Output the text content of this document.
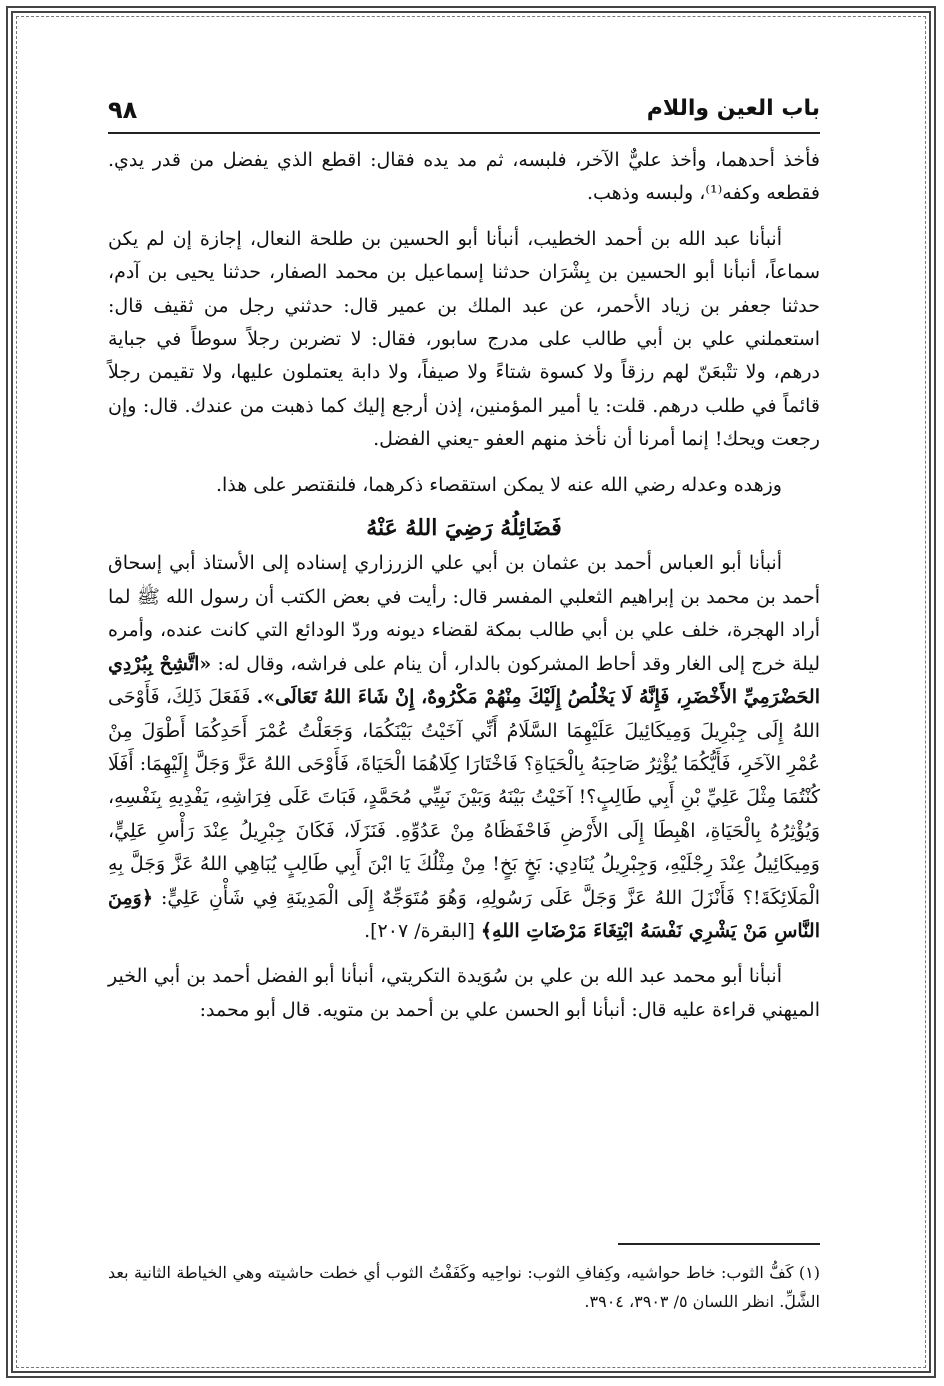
٩٨	باب العين واللام

فأخذ أحدهما، وأخذ عليٌّ الآخر، فلبسه، ثم مد يده فقال: اقطع الذي يفضل من قدر يدي. فقطعه وكفه⁽¹⁾، ولبسه وذهب.

أنبأنا عبد الله بن أحمد الخطيب، أنبأنا أبو الحسين بن طلحة النعال، إجازة إن لم يكن سماعاً، أنبأنا أبو الحسين بن بِشْرَان حدثنا إسماعيل بن محمد الصفار، حدثنا يحيى بن آدم، حدثنا جعفر بن زياد الأحمر، عن عبد الملك بن عمير قال: حدثني رجل من ثقيف قال: استعملني علي بن أبي طالب على مدرج سابور، فقال: لا تضربن رجلاً سوطاً في جباية درهم، ولا تتْبعَنّ لهم رزقاً ولا كسوة شتاءً ولا صيفاً، ولا دابة يعتملون عليها، ولا تقيمن رجلاً قائماً في طلب درهم. قلت: يا أمير المؤمنين، إذن أرجع إليك كما ذهبت من عندك. قال: وإن رجعت ويحك! إنما أمرنا أن نأخذ منهم العفو -يعني الفضل.

وزهده وعدله رضي الله عنه لا يمكن استقصاء ذكرهما، فلنقتصر على هذا.

فَضَائِلُهُ رَضِيَ اللهُ عَنْهُ

أنبأنا أبو العباس أحمد بن عثمان بن أبي علي الزرزاري إسناده إلى الأستاذ أبي إسحاق أحمد بن محمد بن إبراهيم الثعلبي المفسر قال: رأيت في بعض الكتب أن رسول الله ﷺ لما أراد الهجرة، خلف علي بن أبي طالب بمكة لقضاء ديونه وردّ الودائع التي كانت عنده، وأمره ليلة خرج إلى الغار وقد أحاط المشركون بالدار، أن ينام على فراشه، وقال له: «اتَّشِحْ بِبُرْدِي الحَضْرَمِيِّ الأَخْضَرِ، فَإِنَّهُ لَا يَخْلُصُ إِلَيْكَ مِنْهُمْ مَكْرُوهٌ، إِنْ شَاءَ اللهُ تَعَالَى». فَفَعَلَ ذَلِكَ، فَأَوْحَى اللهُ إِلَى جِبْرِيلَ وَمِيكَائِيلَ عَلَيْهِمَا السَّلَامُ أَنِّي آخَيْتُ بَيْنَكُمَا، وَجَعَلْتُ عُمْرَ أَحَدِكُمَا أَطْوَلَ مِنْ عُمْرِ الآخَرِ، فَأَيُّكُمَا يُؤْثِرُ صَاحِبَهُ بِالْحَيَاةِ؟ فَاخْتَارَا كِلَاهُمَا الْحَيَاةَ، فَأَوْحَى اللهُ عَزَّ وَجَلَّ إِلَيْهِمَا: أَفَلَا كُنْتُمَا مِثْلَ عَلِيِّ بْنِ أَبِي طَالِبٍ؟! آخَيْتُ بَيْنَهُ وَبَيْنَ نَبِيِّي مُحَمَّدٍ، فَبَاتَ عَلَى فِرَاشِهِ، يَفْدِيهِ بِنَفْسِهِ، وَيُؤْثِرُهُ بِالْحَيَاةِ، اهْبِطَا إِلَى الأَرْضِ فَاحْفَظَاهُ مِنْ عَدُوِّهِ. فَنَزَلَا، فَكَانَ جِبْرِيلُ عِنْدَ رَأْسِ عَلِيٍّ، وَمِيكَائِيلُ عِنْدَ رِجْلَيْهِ، وَجِبْرِيلُ يُنَادِي: بَخٍ بَخٍ! مِنْ مِثْلُكَ يَا ابْنَ أَبِي طَالِبٍ يُبَاهِي اللهُ عَزَّ وَجَلَّ بِهِ الْمَلَائِكَةَ!؟ فَأَنْزَلَ اللهُ عَزَّ وَجَلَّ عَلَى رَسُولِهِ، وَهُوَ مُتَوَجِّهٌ إِلَى الْمَدِينَةِ فِي شَأْنِ عَلِيٍّ: ﴿وَمِنَ النَّاسِ مَنْ يَشْرِي نَفْسَهُ ابْتِغَاءَ مَرْضَاتِ اللهِ﴾ [البقرة/ ٢٠٧].

أنبأنا أبو محمد عبد الله بن علي بن سُوَيدة التكريتي، أنبأنا أبو الفضل أحمد بن أبي الخير الميهني قراءة عليه قال: أنبأنا أبو الحسن علي بن أحمد بن متويه. قال أبو محمد:

(١) كَفُّ الثوب: خاط حواشيه، وكِفافِ الثوب: نواحِيه وكَفَفْتُ الثوب أي خطت حاشيته وهي الخياطة الثانية بعد الشَّلِّ. انظر اللسان ٥/ ٣٩٠٣، ٣٩٠٤.
